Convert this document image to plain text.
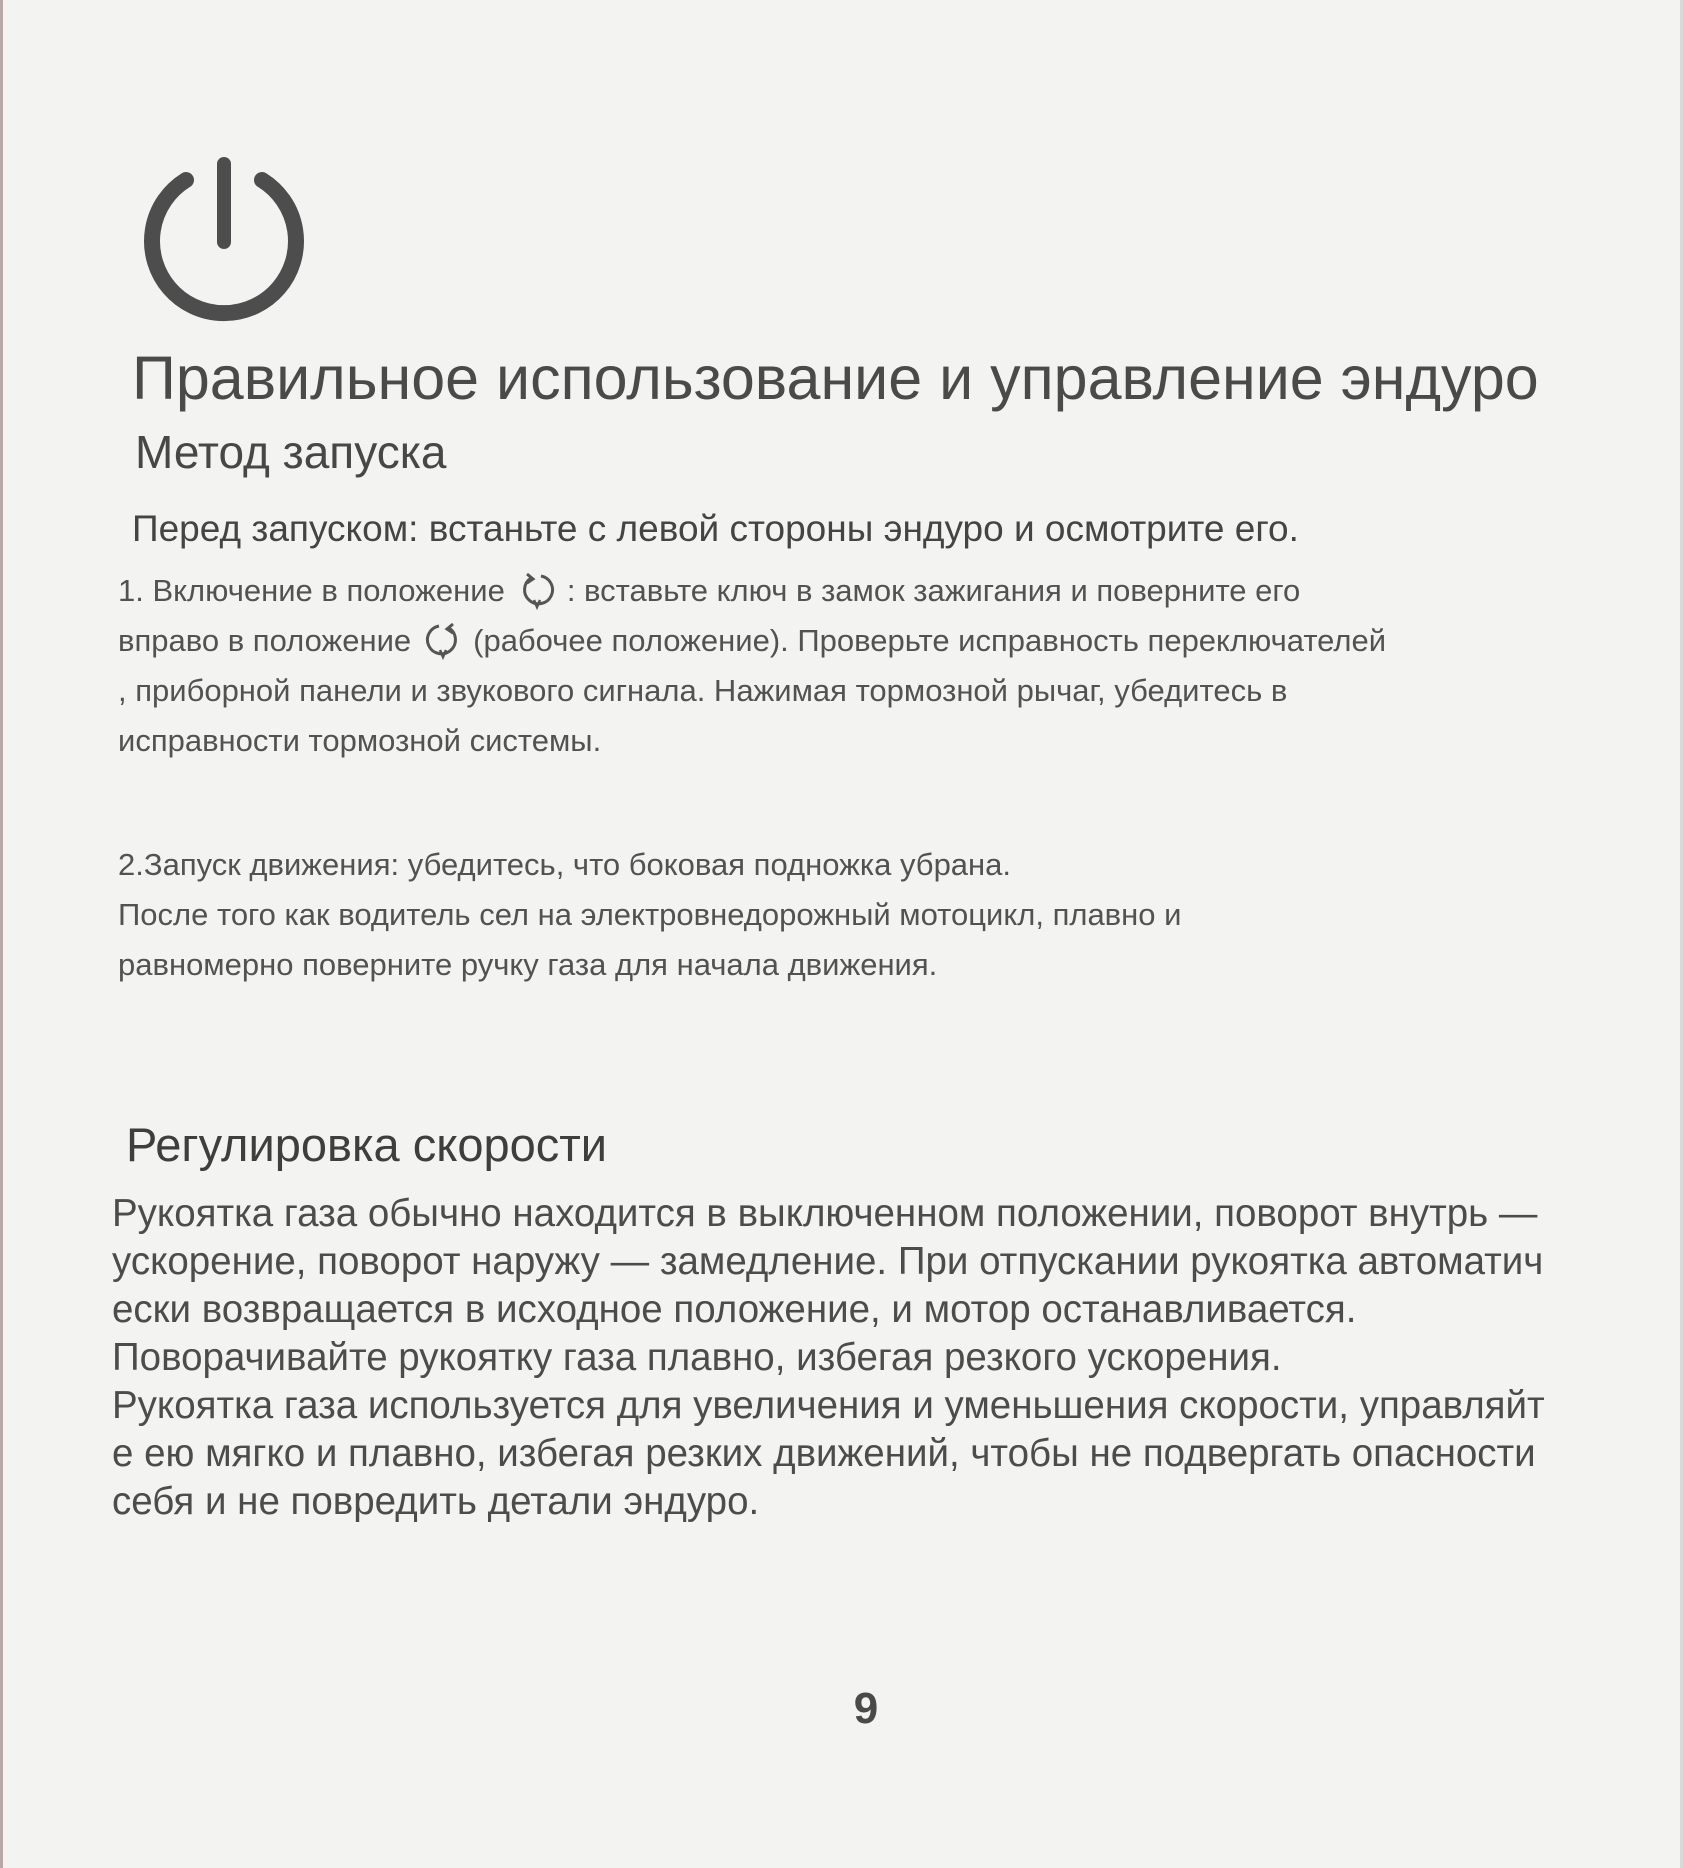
Правильное использование и управление эндуро
Метод запуска
Перед запуском: встаньте с левой стороны эндуро и осмотрите его.
1. Включение в положение : вставьте ключ в замок зажигания и поверните его
вправо в положение (рабочее положение). Проверьте исправность переключателей
, приборной панели и звукового сигнала. Нажимая тормозной рычаг, убедитесь в
исправности тормозной системы.
2.Запуск движения: убедитесь, что боковая подножка убрана.
После того как водитель сел на электровнедорожный мотоцикл, плавно и
равномерно поверните ручку газа для начала движения.
Регулировка скорости
Рукоятка газа обычно находится в выключенном положении, поворот внутрь —
ускорение, поворот наружу — замедление. При отпускании рукоятка автоматич
ески возвращается в исходное положение, и мотор останавливается.
Поворачивайте рукоятку газа плавно, избегая резкого ускорения.
Рукоятка газа используется для увеличения и уменьшения скорости, управляйт
е ею мягко и плавно, избегая резких движений, чтобы не подвергать опасности
себя и не повредить детали эндуро.
9
